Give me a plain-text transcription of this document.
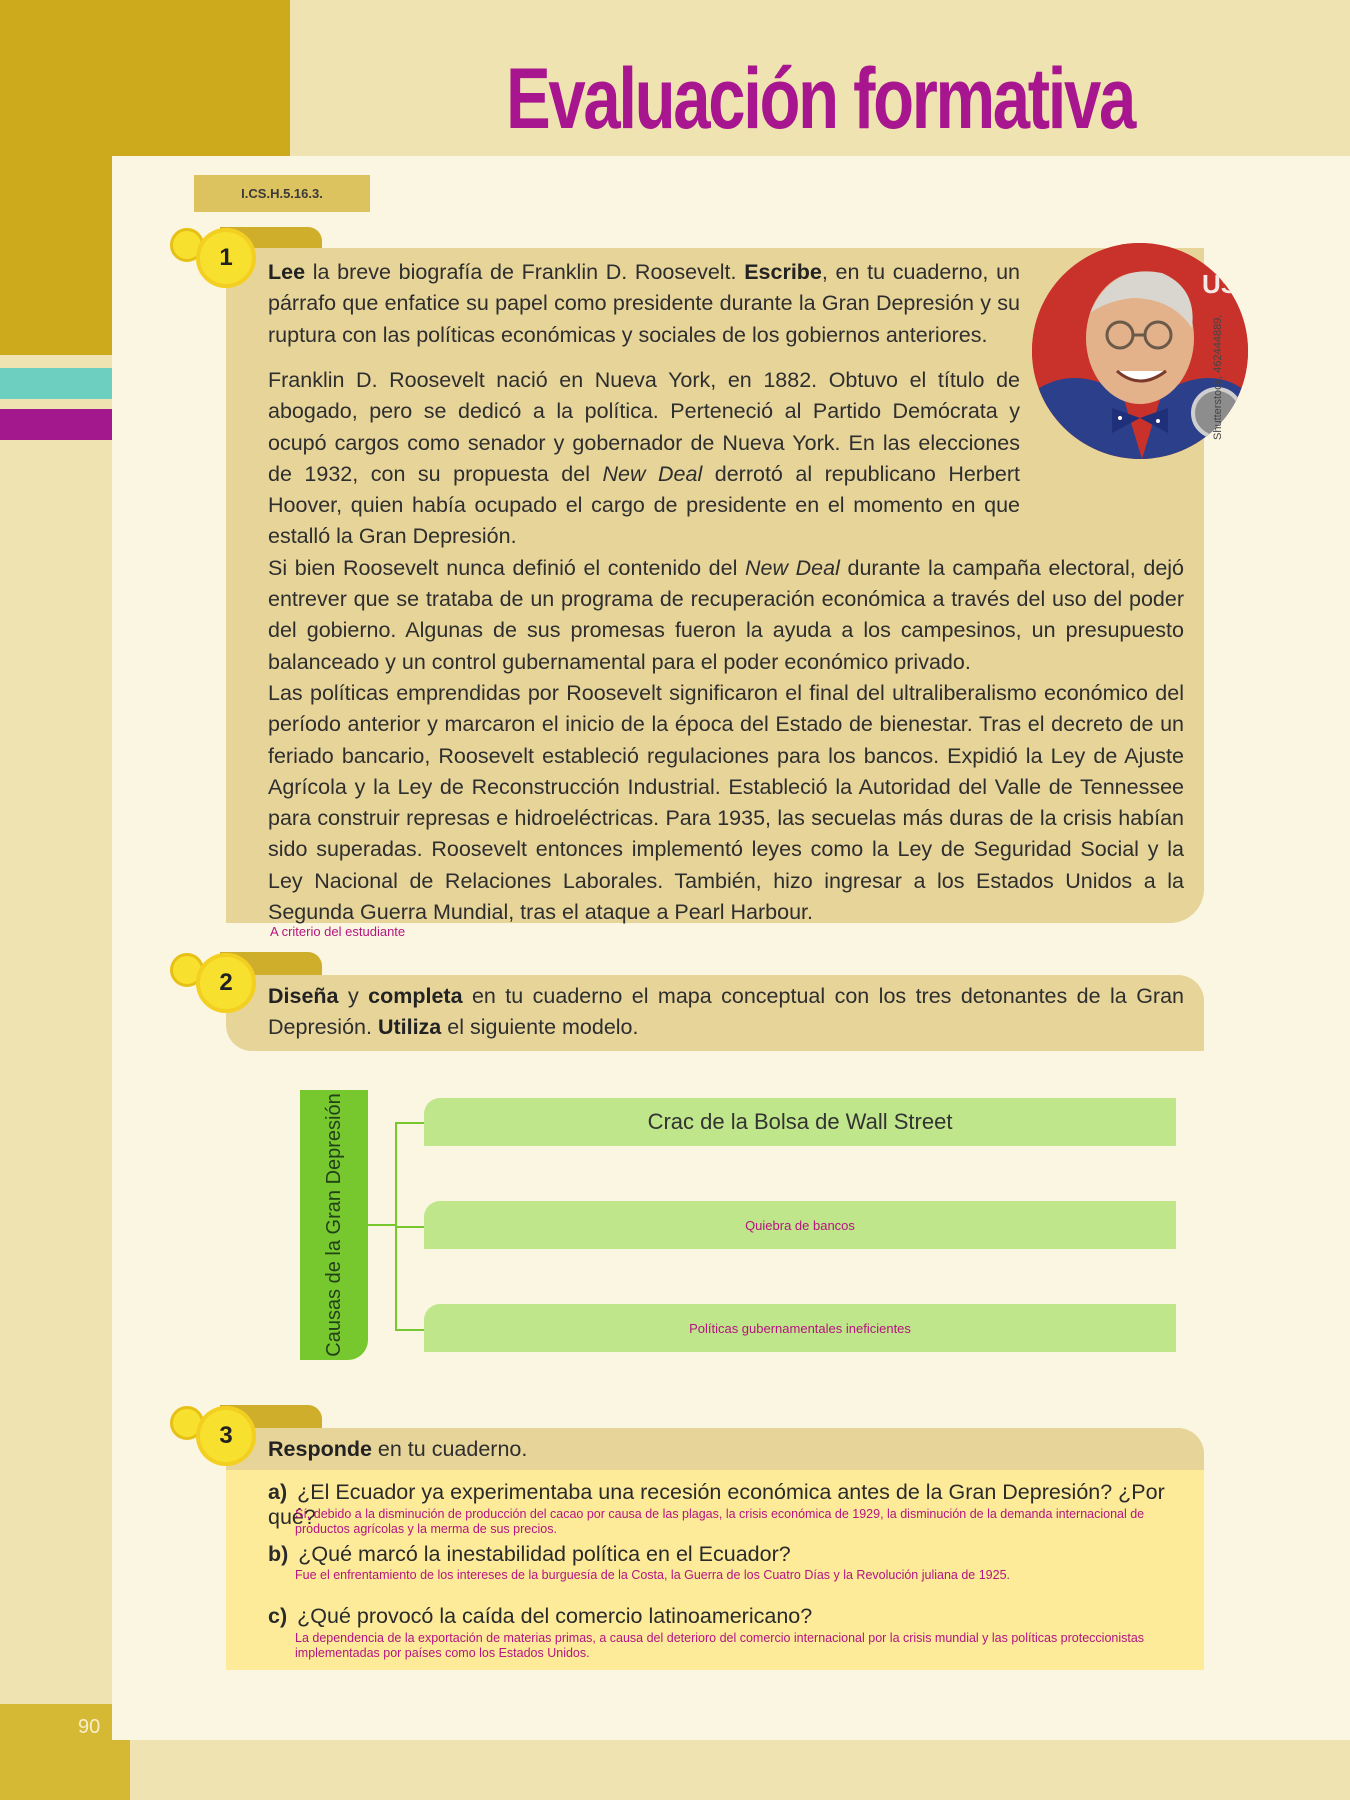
90
Evaluación formativa
I.CS.H.5.16.3.
1
Lee la breve biografía de Franklin D. Roosevelt. Escribe, en tu cuaderno, un párrafo que enfatice su papel como presidente durante la Gran Depresión y su ruptura con las políticas económicas y sociales de los gobiernos anteriores.
US
Shutterstock, 462444889.

Franklin D. Roosevelt nació en Nueva York, en 1882. Obtuvo el título de abogado, pero se dedicó a la política. Perteneció al Partido Demócrata y ocupó cargos como senador y gobernador de Nueva York. En las elecciones de 1932, con su propuesta del New Deal derrotó al republicano Herbert Hoover, quien había ocupado el cargo de presidente en el momento en que estalló la Gran Depresión.

Si bien Roosevelt nunca definió el contenido del New Deal durante la campaña electoral, dejó entrever que se trataba de un programa de recuperación económica a través del uso del poder del gobierno. Algunas de sus promesas fueron la ayuda a los campesinos, un presupuesto balanceado y un control gubernamental para el poder económico privado.

Las políticas emprendidas por Roosevelt significaron el final del ultraliberalismo económico del período anterior y marcaron el inicio de la época del Estado de bienestar. Tras el decreto de un feriado bancario, Roosevelt estableció regulaciones para los bancos. Expidió la Ley de Ajuste Agrícola y la Ley de Reconstrucción Industrial. Estableció la Autoridad del Valle de Tennessee para construir represas e hidroeléctricas. Para 1935, las secuelas más duras de la crisis habían sido superadas. Roosevelt entonces implementó leyes como la Ley de Seguridad Social y la Ley Nacional de Relaciones Laborales. También, hizo ingresar a los Estados Unidos a la Segunda Guerra Mundial, tras el ataque a Pearl Harbour.

A criterio del estudiante
2	Diseña y completa en tu cuaderno el mapa conceptual con los tres detonantes de la Gran Depresión. Utiliza el siguiente modelo.
Causas de la Gran Depresión	Crac de la Bolsa de Wall Street
Quiebra de bancos
Políticas gubernamentales ineficientes
3	Responde en tu cuaderno.
a) ¿El Ecuador ya experimentaba una recesión económica antes de la Gran Depresión? ¿Por qué?
Sí, debido a la disminución de producción del cacao por causa de las plagas, la crisis económica de 1929, la disminución de la demanda internacional de productos agrícolas y la merma de sus precios.
b) ¿Qué marcó la inestabilidad política en el Ecuador?
Fue el enfrentamiento de los intereses de la burguesía de la Costa, la Guerra de los Cuatro Días y la Revolución juliana de 1925.
c) ¿Qué provocó la caída del comercio latinoamericano?
La dependencia de la exportación de materias primas, a causa del deterioro del comercio internacional por la crisis mundial y las políticas proteccionistas implementadas por países como los Estados Unidos.
